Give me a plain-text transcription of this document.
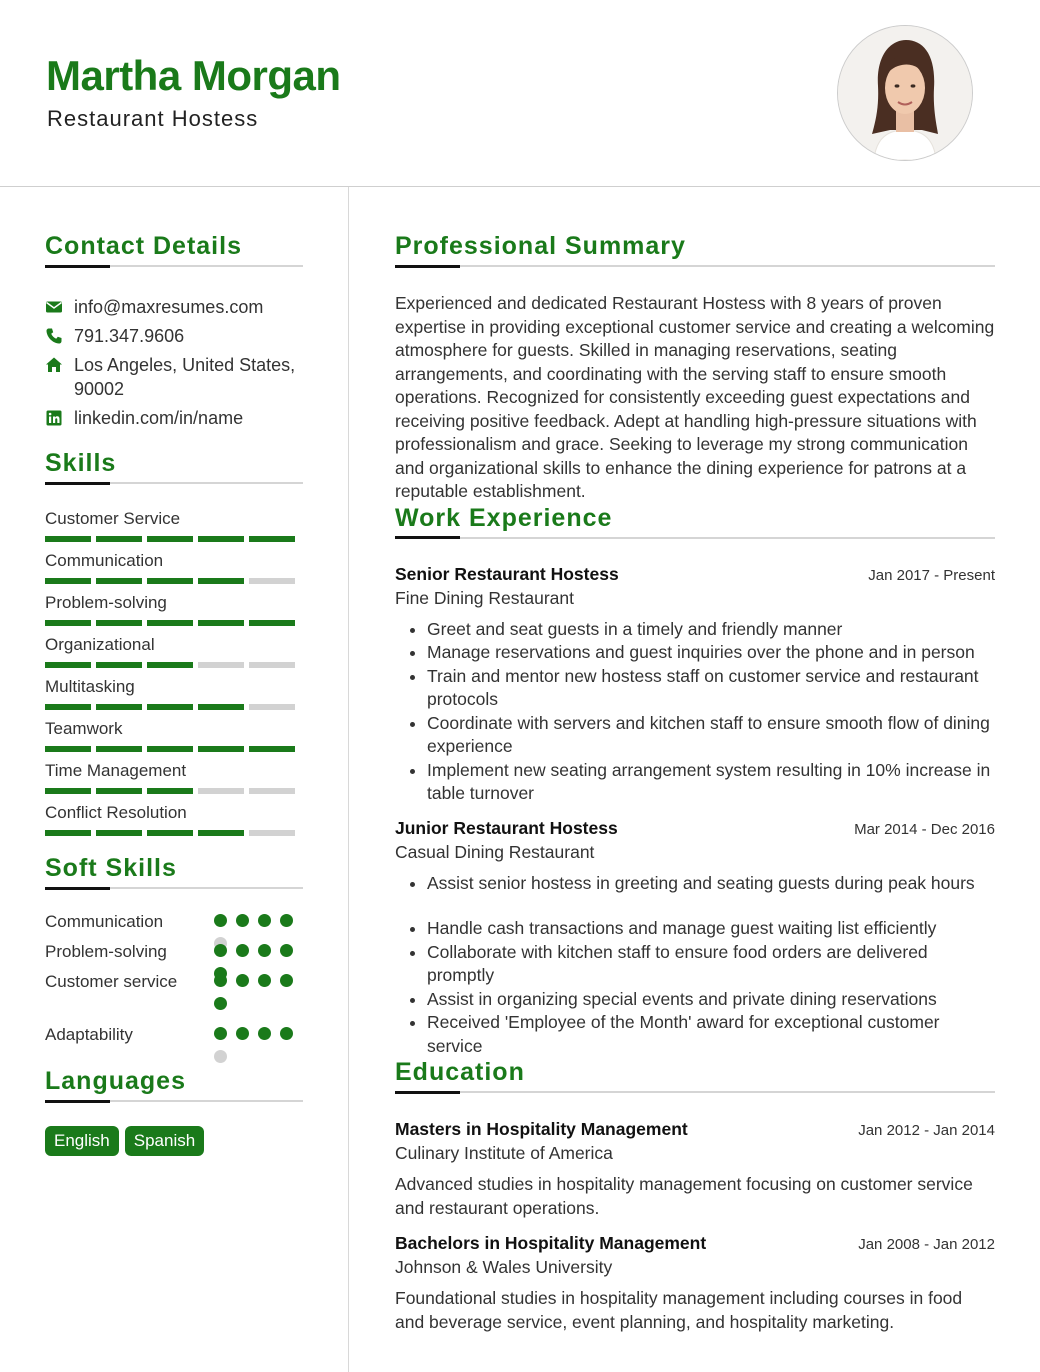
Martha Morgan
Restaurant Hostess
Contact Details
info@maxresumes.com
791.347.9606
Los Angeles, United States, 90002
linkedin.com/in/name
Skills
Customer Service
Communication
Problem-solving
Organizational
Multitasking
Teamwork
Time Management
Conflict Resolution
Soft Skills
Communication
Problem-solving
Customer service
Adaptability
Languages
English	Spanish
Professional Summary
Experienced and dedicated Restaurant Hostess with 8 years of proven expertise in providing exceptional customer service and creating a welcoming atmosphere for guests. Skilled in managing reservations, seating arrangements, and coordinating with the serving staff to ensure smooth operations. Recognized for consistently exceeding guest expectations and receiving positive feedback. Adept at handling high-pressure situations with professionalism and grace. Seeking to leverage my strong communication and organizational skills to enhance the dining experience for patrons at a reputable establishment.
Work Experience
Senior Restaurant Hostess	Jan 2017 - Present
Fine Dining Restaurant
• Greet and seat guests in a timely and friendly manner
• Manage reservations and guest inquiries over the phone and in person
• Train and mentor new hostess staff on customer service and restaurant protocols
• Coordinate with servers and kitchen staff to ensure smooth flow of dining experience
• Implement new seating arrangement system resulting in 10% increase in table turnover
Junior Restaurant Hostess	Mar 2014 - Dec 2016
Casual Dining Restaurant
• Assist senior hostess in greeting and seating guests during peak hours
• Handle cash transactions and manage guest waiting list efficiently
• Collaborate with kitchen staff to ensure food orders are delivered promptly
• Assist in organizing special events and private dining reservations
• Received 'Employee of the Month' award for exceptional customer service
Education
Masters in Hospitality Management	Jan 2012 - Jan 2014
Culinary Institute of America
Advanced studies in hospitality management focusing on customer service and restaurant operations.
Bachelors in Hospitality Management	Jan 2008 - Jan 2012
Johnson & Wales University
Foundational studies in hospitality management including courses in food and beverage service, event planning, and hospitality marketing.
